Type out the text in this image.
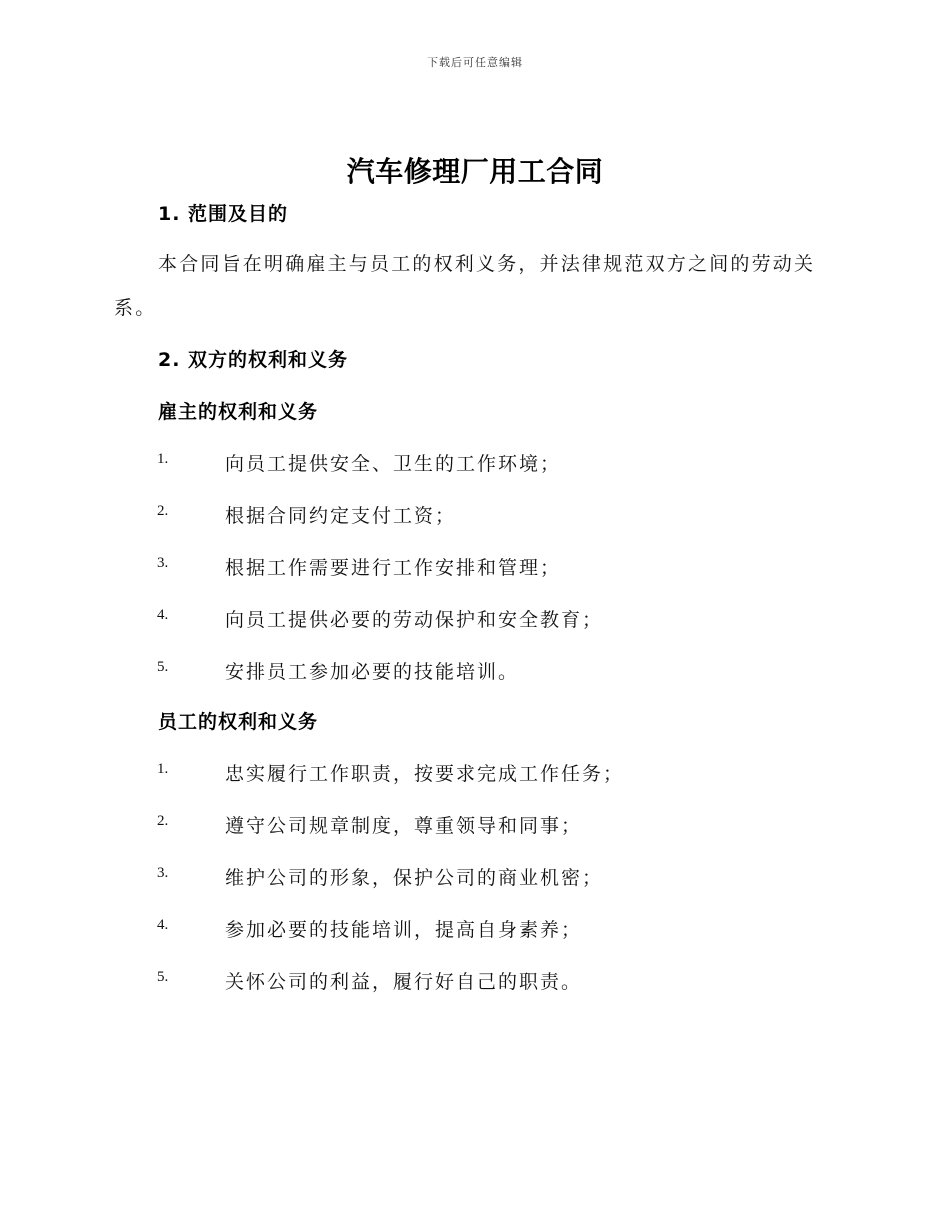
下载后可任意编辑
汽车修理厂用工合同
1. 范围及目的
本合同旨在明确雇主与员工的权利义务，并法律规范双方之间的劳动关系。
2. 双方的权利和义务
雇主的权利和义务
1.	向员工提供安全、卫生的工作环境；
2.	根据合同约定支付工资；
3.	根据工作需要进行工作安排和管理；
4.	向员工提供必要的劳动保护和安全教育；
5.	安排员工参加必要的技能培训。
员工的权利和义务
1.	忠实履行工作职责，按要求完成工作任务；
2.	遵守公司规章制度，尊重领导和同事；
3.	维护公司的形象，保护公司的商业机密；
4.	参加必要的技能培训，提高自身素养；
5.	关怀公司的利益，履行好自己的职责。
